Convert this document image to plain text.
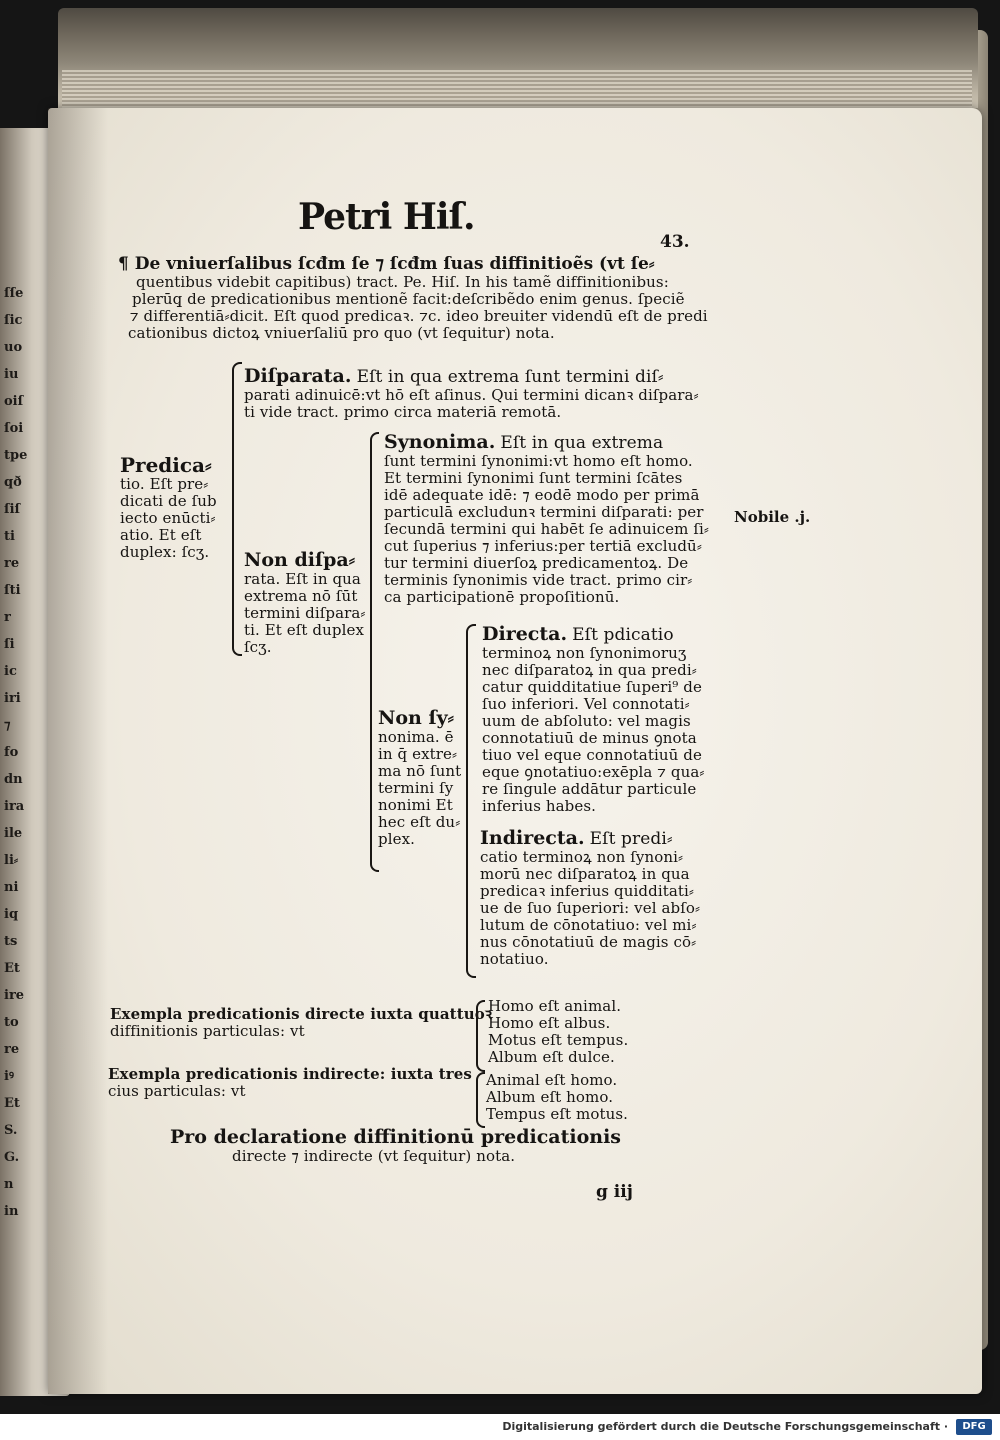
ſſe
ſic
uo
iu
oiſ
ſoi
tpe
qð
ſiſ
ti
re
ſti
r
ſi
ic
iri
⁊
fo
dn
ira
ile
li⸗
ni
iq
ts
Et
ire
to
re
iꝰ
Et
S.
G.
n
in

Petri Hiſ.
43.
¶ De vniuerſalibus ſcđm ſe ⁊ ſcđm ſuas diffinitioẽs (vt ſe⸗
quentibus videbit capitibus) tract. Pe. Hiſ. In his tamẽ diffinitionibus:
plerūq̧ de predicationibus mentionẽ facit:deſcribẽdo enim genus. ſpeciẽ
⁊ differentiā⸗dicit. Eſt quod predicaꝛ. ⁊c. ideo breuiter videndū eſt de predi
cationibus dictoꝝ vniuerſaliū pro quo (vt ſequitur) nota.
Predica⸗
tio. Eſt pre⸗
dicati de ſub
iecto enūcti⸗
atio. Et eſt
duplex: ſcʒ.
Diſparata. Eſt in qua extrema ſunt termini diſ⸗
parati adinuicē:vt hō eſt aſinus. Qui termini dicanꝛ diſpara⸗
ti vide tract. primo circa materiā remotā.
Non diſpa⸗
rata. Eſt in qua
extrema nō ſūt
termini diſpara⸗
ti. Et eſt duplex
ſcʒ.
Synonima. Eſt in qua extrema
ſunt termini ſynonimi:vt homo eſt homo.
Et termini ſynonimi ſunt termini ſcātes
idē adequate idē: ⁊ eodē modo per primā
particulā excludunꝛ termini diſparati: per
ſecundā termini qui habēt ſe adinuicem ſi⸗
cut ſuperius ⁊ inferius:per tertiā excludū⸗
tur termini diuerſoꝝ predicamentoꝝ. De
terminis ſynonimis vide tract. primo cir⸗
ca participationē propoſitionū.
Nobile .j.
Non ſy⸗
nonima. ē
in q̄ extre⸗
ma nō ſunt
termini ſy
nonimi Et
hec eſt du⸗
plex.
Directa. Eſt pdicatio
terminoꝝ non ſynonimoruʒ
nec diſparatoꝝ in qua predi⸗
catur quidditatiue ſuperi⁹ de
ſuo inferiori. Vel connotati⸗
uum de abſoluto: vel magis
connotatiuū de minus ꝯnota
tiuo vel eque connotatiuū de
eque ꝯnotatiuo:exēpla ⁊ qua⸗
re ſingule addātur particule
inferius habes.
Indirecta. Eſt predi⸗
catio terminoꝝ non ſynoni⸗
morū nec diſparatoꝝ in qua
predicaꝛ inferius quidditati⸗
ue de ſuo ſuperiori: vel abſo⸗
lutum de cōnotatiuo: vel mi⸗
nus cōnotatiuū de magis cō⸗
notatiuo.
Exempla predicationis directe iuxta quattuoꝛ
diffinitionis particulas: vt
Homo eſt animal.
Homo eſt albus.
Motus eſt tempus.
Album eſt dulce.
Exempla predicationis indirecte: iuxta tres
cius particulas: vt
Animal eſt homo.
Album eſt homo.
Tempus eſt motus.
Pro declaratione diffinitionū predicationis
directe ⁊ indirecte (vt ſequitur) nota.
g iij
Digitalisierung gefördert durch die Deutsche Forschungsgemeinschaft ·	DFG
